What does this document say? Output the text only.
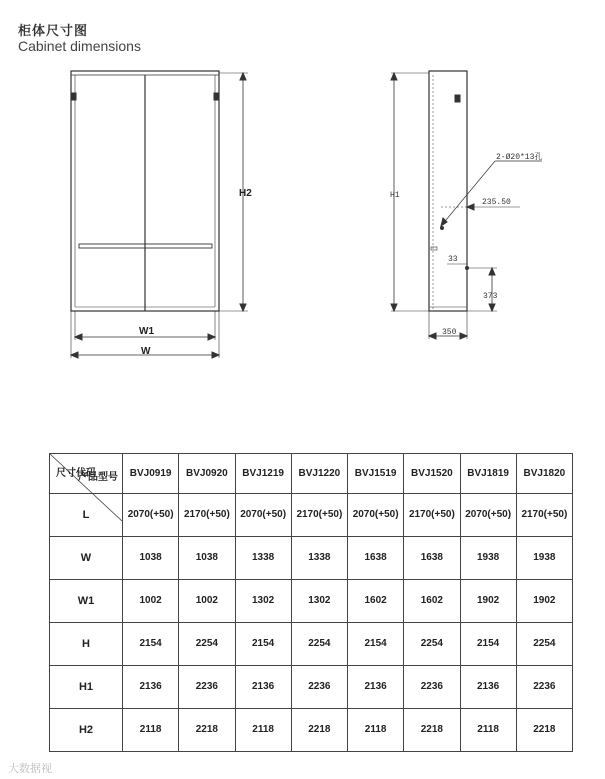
柜体尺寸图
Cabinet dimensions
H2
W1
W
H1
2-Ø20*13孔
235.50
33
373
350
产品型号
尺寸代码	BVJ0919	BVJ0920	BVJ1219	BVJ1220	BVJ1519	BVJ1520	BVJ1819	BVJ1820
L	2070(+50)	2170(+50)	2070(+50)	2170(+50)	2070(+50)	2170(+50)	2070(+50)	2170(+50)
W	1038	1038	1338	1338	1638	1638	1938	1938
W1	1002	1002	1302	1302	1602	1602	1902	1902
H	2154	2254	2154	2254	2154	2254	2154	2254
H1	2136	2236	2136	2236	2136	2236	2136	2236
H2	2118	2218	2118	2218	2118	2218	2118	2218
大数据视
